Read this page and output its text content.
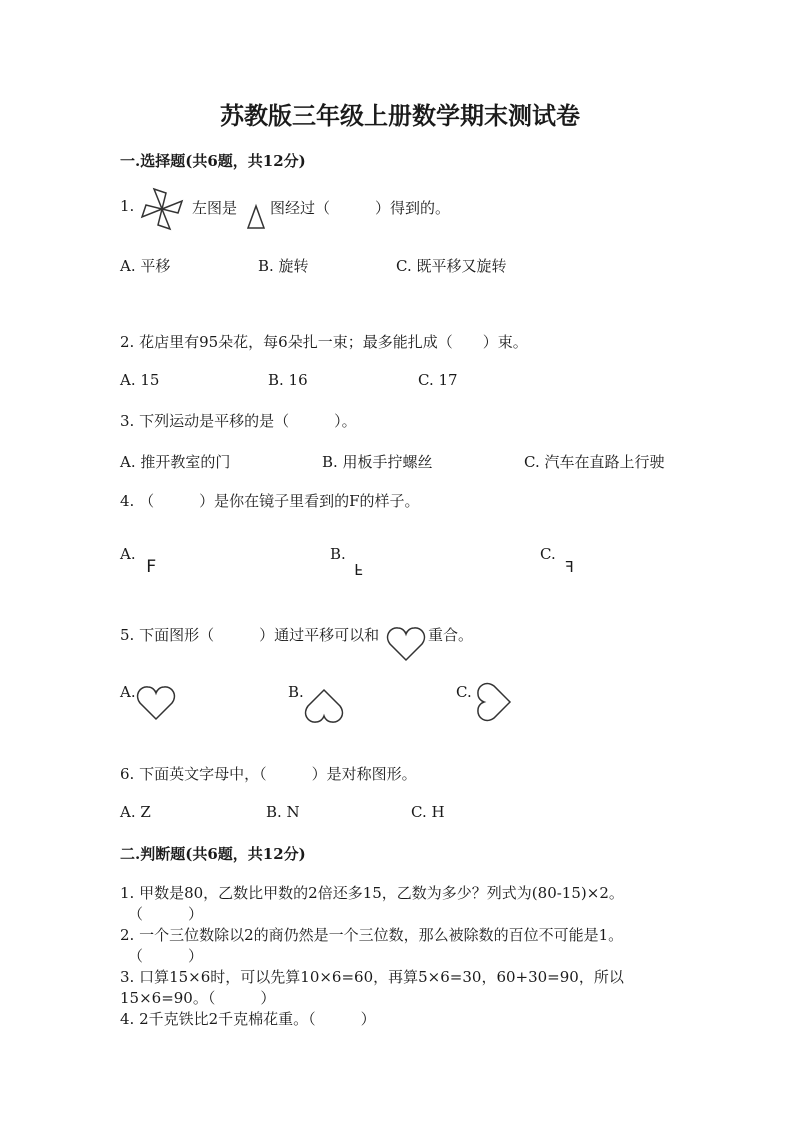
苏教版三年级上册数学期末测试卷
一.选择题(共6题，共12分)
1.	左图是 图经过（　　　）得到的。
A. 平移	B. 旋转	C. 既平移又旋转
2. 花店里有95朵花，每6朵扎一束；最多能扎成（　　）束。
A. 15	B. 16	C. 17
3. 下列运动是平移的是（　　　）。
A. 推开教室的门	B. 用板手拧螺丝	C. 汽车在直路上行驶
4. （　　　）是你在镜子里看到的F的样子。
A.
F
B.
F
C.
F
5. 下面图形（　　　）通过平移可以和	重合。
A.	B.	C.
6. 下面英文字母中，（　　　）是对称图形。
A. Z	B. N	C. H
二.判断题(共6题，共12分)
1. 甲数是80，乙数比甲数的2倍还多15，乙数为多少？列式为(80-15)×2。
（　　　）
2. 一个三位数除以2的商仍然是一个三位数，那么被除数的百位不可能是1。
（　　　）
3. 口算15×6时，可以先算10×6=60，再算5×6=30，60+30=90，所以
15×6=90。（　　　）
4. 2千克铁比2千克棉花重。（　　　）
